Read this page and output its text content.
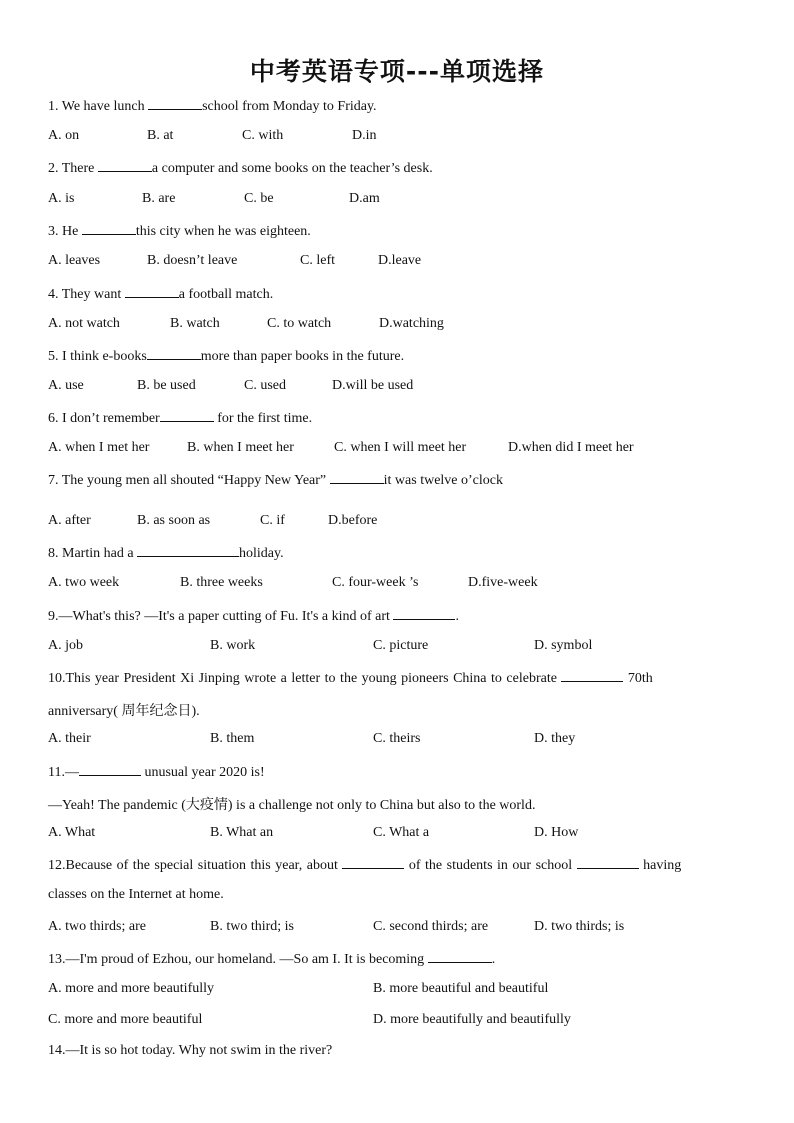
中考英语专项---单项选择
1. We have lunch	school from Monday to Friday.
A. on	B. at	C. with	D.in
2. There	a computer and some books on the teacher’s desk.
A. is	B. are	C. be	D.am
3. He	this city when he was eighteen.
A. leaves	B. doesn’t leave	C. left	D.leave
4. They want	a football match.
A. not watch	B. watch	C. to watch	D.watching
5. I think e-books	more than paper books in the future.
A. use	B. be used	C. used	D.will be used
6. I don’t remember	for the first time.
A. when I met her	B. when I meet her	C. when I will meet her	D.when did I meet her
7. The young men all shouted “Happy New Year”	it was twelve o’clock
A. after	B. as soon as	C. if	D.before
8. Martin had a	holiday.
A. two week	B. three weeks	C. four-week ’s	D.five-week
9.—What's this? —It's a paper cutting of Fu. It's a kind of art	.
A. job	B. work	C. picture	D. symbol
10.This year President Xi Jinping wrote a letter to the young pioneers China to celebrate	70th
anniversary( 周年纪念日).
A. their	B. them	C. theirs	D. they
11.—	unusual year 2020 is!
—Yeah! The pandemic (大疫情) is a challenge not only to China but also to the world.
A. What	B. What an	C. What a	D. How
12.Because of the special situation this year, about	of the students in our school	having
classes on the Internet at home.
A. two thirds; are	B. two third; is	C. second thirds; are	D. two thirds; is
13.—I'm proud of Ezhou, our homeland. —So am I. It is becoming	.
A. more and more beautifully	B. more beautiful and beautiful
C. more and more beautiful	D. more beautifully and beautifully
14.—It is so hot today. Why not swim in the river?
